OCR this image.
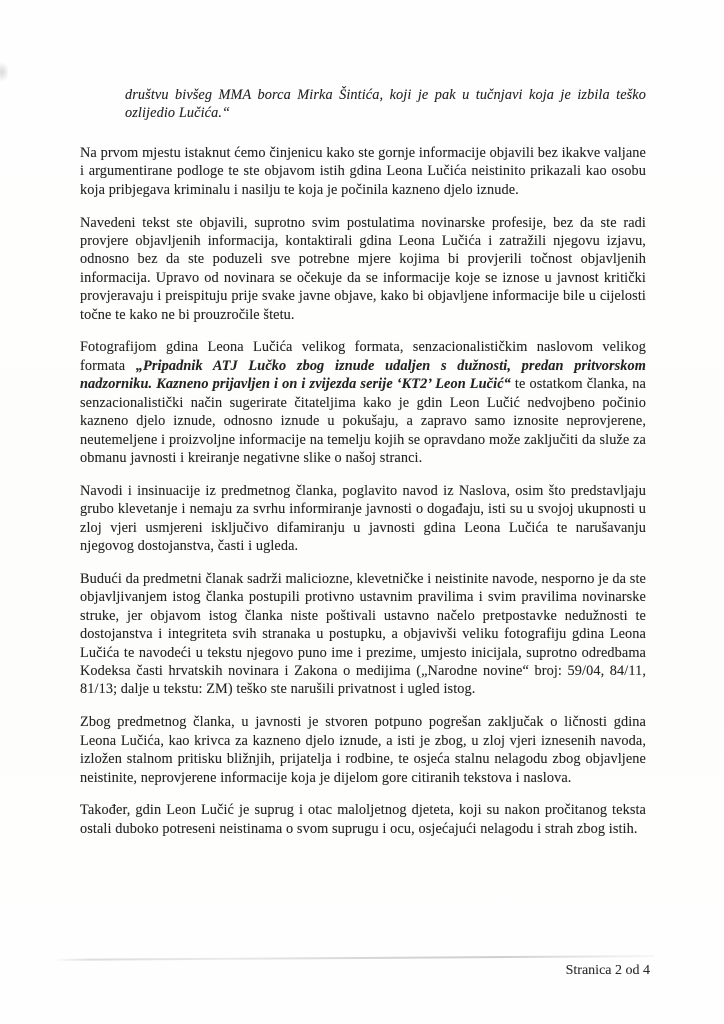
društvu bivšeg MMA borca Mirka Šintića, koji je pak u tučnjavi koja je izbila teško ozlijedio Lučića.“

Na prvom mjestu istaknut ćemo činjenicu kako ste gornje informacije objavili bez ikakve valjane i argumentirane podloge te ste objavom istih gdina Leona Lučića neistinito prikazali kao osobu koja pribjegava kriminalu i nasilju te koja je počinila kazneno djelo iznude.

Navedeni tekst ste objavili, suprotno svim postulatima novinarske profesije, bez da ste radi provjere objavljenih informacija, kontaktirali gdina Leona Lučića i zatražili njegovu izjavu, odnosno bez da ste poduzeli sve potrebne mjere kojima bi provjerili točnost objavljenih informacija. Upravo od novinara se očekuje da se informacije koje se iznose u javnost kritički provjeravaju i preispituju prije svake javne objave, kako bi objavljene informacije bile u cijelosti točne te kako ne bi prouzročile štetu.

Fotografijom gdina Leona Lučića velikog formata, senzacionalističkim naslovom velikog formata „Pripadnik ATJ Lučko zbog iznude udaljen s dužnosti, predan pritvorskom nadzorniku. Kazneno prijavljen i on i zvijezda serije ‘KT2’ Leon Lučić“ te ostatkom članka, na senzacionalistički način sugerirate čitateljima kako je gdin Leon Lučić nedvojbeno počinio kazneno djelo iznude, odnosno iznude u pokušaju, a zapravo samo iznosite neprovjerene, neutemeljene i proizvoljne informacije na temelju kojih se opravdano može zaključiti da služe za obmanu javnosti i kreiranje negativne slike o našoj stranci.

Navodi i insinuacije iz predmetnog članka, poglavito navod iz Naslova, osim što predstavljaju grubo klevetanje i nemaju za svrhu informiranje javnosti o događaju, isti su u svojoj ukupnosti u zloj vjeri usmjereni isključivo difamiranju u javnosti gdina Leona Lučića te narušavanju njegovog dostojanstva, časti i ugleda.

Budući da predmetni članak sadrži maliciozne, klevetničke i neistinite navode, nesporno je da ste objavljivanjem istog članka postupili protivno ustavnim pravilima i svim pravilima novinarske struke, jer objavom istog članka niste poštivali ustavno načelo pretpostavke nedužnosti te dostojanstva i integriteta svih stranaka u postupku, a objavivši veliku fotografiju gdina Leona Lučića te navodeći u tekstu njegovo puno ime i prezime, umjesto inicijala, suprotno odredbama Kodeksa časti hrvatskih novinara i Zakona o medijima („Narodne novine“ broj: 59/04, 84/11, 81/13; dalje u tekstu: ZM) teško ste narušili privatnost i ugled istog.

Zbog predmetnog članka, u javnosti je stvoren potpuno pogrešan zaključak o ličnosti gdina Leona Lučića, kao krivca za kazneno djelo iznude, a isti je zbog, u zloj vjeri iznesenih navoda, izložen stalnom pritisku bližnjih, prijatelja i rodbine, te osjeća stalnu nelagodu zbog objavljene neistinite, neprovjerene informacije koja je dijelom gore citiranih tekstova i naslova.

Također, gdin Leon Lučić je suprug i otac maloljetnog djeteta, koji su nakon pročitanog teksta ostali duboko potreseni neistinama o svom suprugu i ocu, osjećajući nelagodu i strah zbog istih.

Stranica 2 od 4
